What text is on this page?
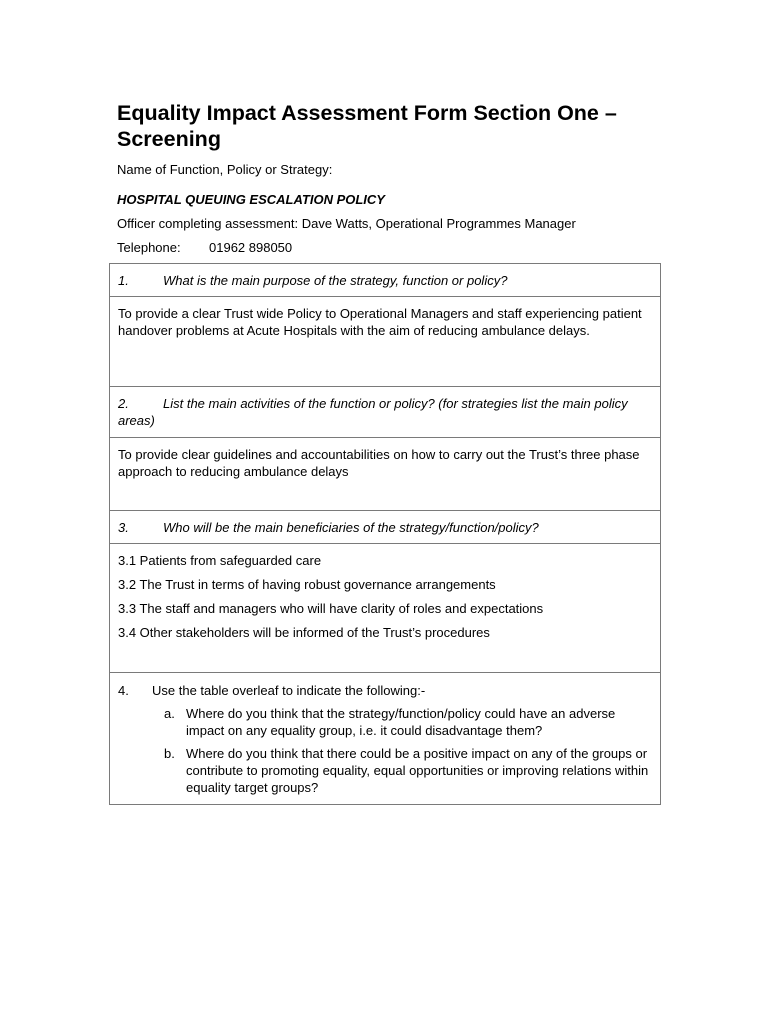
Equality Impact Assessment Form Section One – Screening
Name of Function, Policy or Strategy:
HOSPITAL QUEUING ESCALATION POLICY
Officer completing assessment: Dave Watts, Operational Programmes Manager
Telephone: 01962 898050
1.	What is the main purpose of the strategy, function or policy?

To provide a clear Trust wide Policy to Operational Managers and staff experiencing patient handover problems at Acute Hospitals with the aim of reducing ambulance delays.

2.	List the main activities of the function or policy? (for strategies list the main policy areas)

To provide clear guidelines and accountabilities on how to carry out the Trust’s three phase approach to reducing ambulance delays

3.	Who will be the main beneficiaries of the strategy/function/policy?

3.1 Patients from safeguarded care

3.2 The Trust in terms of having robust governance arrangements

3.3 The staff and managers who will have clarity of roles and expectations

3.4 Other stakeholders will be informed of the Trust’s procedures

4.	Use the table overleaf to indicate the following:-
a. Where do you think that the strategy/function/policy could have an adverse impact on any equality group, i.e. it could disadvantage them?
b. Where do you think that there could be a positive impact on any of the groups or contribute to promoting equality, equal opportunities or improving relations within equality target groups?
